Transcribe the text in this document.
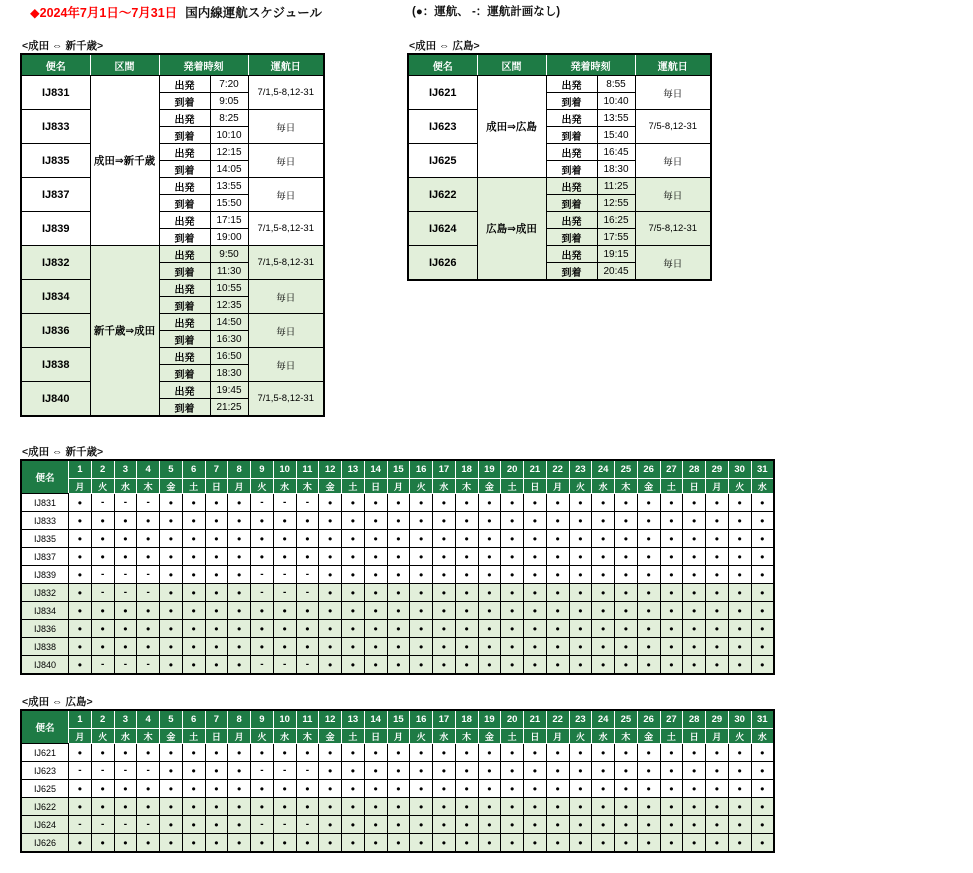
◆2024年7月1日～7月31日 国内線運航スケジュール	(●：運航、 -：運航計画なし)
<成田 ⇔ 新千歳>
便名	区間	発着時刻		運航日
IJ831	成田⇒新千歳	出発	7:20	7/1,5-8,12-31
		到着	9:05	
IJ833		出発	8:25	毎日
		到着	10:10	
IJ835		出発	12:15	毎日
		到着	14:05	
IJ837		出発	13:55	毎日
		到着	15:50	
IJ839		出発	17:15	7/1,5-8,12-31
		到着	19:00	
IJ832	新千歳⇒成田	出発	9:50	7/1,5-8,12-31
		到着	11:30	
IJ834		出発	10:55	毎日
		到着	12:35	
IJ836		出発	14:50	毎日
		到着	16:30	
IJ838		出発	16:50	毎日
		到着	18:30	
IJ840		出発	19:45	7/1,5-8,12-31
		到着	21:25	
<成田 ⇔ 広島>
便名	区間	発着時刻		運航日
IJ621	成田⇒広島	出発	8:55	毎日
		到着	10:40	
IJ623		出発	13:55	7/5-8,12-31
		到着	15:40	
IJ625		出発	16:45	毎日
		到着	18:30	
IJ622	広島⇒成田	出発	11:25	毎日
		到着	12:55	
IJ624		出発	16:25	7/5-8,12-31
		到着	17:55	
IJ626		出発	19:15	毎日
		到着	20:45	
<成田 ⇔ 新千歳>
便名	1	2	3	4	5	6	7	8	9	10	11	12	13	14	15	16	17	18	19	20	21	22	23	24	25	26	27	28	29	30	31
	月	火	水	木	金	土	日	月	火	水	木	金	土	日	月	火	水	木	金	土	日	月	火	水	木	金	土	日	月	火	水
IJ831	●	-	-	-	●	●	●	●	-	-	-	●	●	●	●	●	●	●	●	●	●	●	●	●	●	●	●	●	●	●	●
IJ833	●	●	●	●	●	●	●	●	●	●	●	●	●	●	●	●	●	●	●	●	●	●	●	●	●	●	●	●	●	●	●
IJ835	●	●	●	●	●	●	●	●	●	●	●	●	●	●	●	●	●	●	●	●	●	●	●	●	●	●	●	●	●	●	●
IJ837	●	●	●	●	●	●	●	●	●	●	●	●	●	●	●	●	●	●	●	●	●	●	●	●	●	●	●	●	●	●	●
IJ839	●	-	-	-	●	●	●	●	-	-	-	●	●	●	●	●	●	●	●	●	●	●	●	●	●	●	●	●	●	●	●
IJ832	●	-	-	-	●	●	●	●	-	-	-	●	●	●	●	●	●	●	●	●	●	●	●	●	●	●	●	●	●	●	●
IJ834	●	●	●	●	●	●	●	●	●	●	●	●	●	●	●	●	●	●	●	●	●	●	●	●	●	●	●	●	●	●	●
IJ836	●	●	●	●	●	●	●	●	●	●	●	●	●	●	●	●	●	●	●	●	●	●	●	●	●	●	●	●	●	●	●
IJ838	●	●	●	●	●	●	●	●	●	●	●	●	●	●	●	●	●	●	●	●	●	●	●	●	●	●	●	●	●	●	●
IJ840	●	-	-	-	●	●	●	●	-	-	-	●	●	●	●	●	●	●	●	●	●	●	●	●	●	●	●	●	●	●	●
<成田 ⇔ 広島>
便名	1	2	3	4	5	6	7	8	9	10	11	12	13	14	15	16	17	18	19	20	21	22	23	24	25	26	27	28	29	30	31
	月	火	水	木	金	土	日	月	火	水	木	金	土	日	月	火	水	木	金	土	日	月	火	水	木	金	土	日	月	火	水
IJ621	●	●	●	●	●	●	●	●	●	●	●	●	●	●	●	●	●	●	●	●	●	●	●	●	●	●	●	●	●	●	●
IJ623	-	-	-	-	●	●	●	●	-	-	-	●	●	●	●	●	●	●	●	●	●	●	●	●	●	●	●	●	●	●	●
IJ625	●	●	●	●	●	●	●	●	●	●	●	●	●	●	●	●	●	●	●	●	●	●	●	●	●	●	●	●	●	●	●
IJ622	●	●	●	●	●	●	●	●	●	●	●	●	●	●	●	●	●	●	●	●	●	●	●	●	●	●	●	●	●	●	●
IJ624	-	-	-	-	●	●	●	●	-	-	-	●	●	●	●	●	●	●	●	●	●	●	●	●	●	●	●	●	●	●	●
IJ626	●	●	●	●	●	●	●	●	●	●	●	●	●	●	●	●	●	●	●	●	●	●	●	●	●	●	●	●	●	●	●
